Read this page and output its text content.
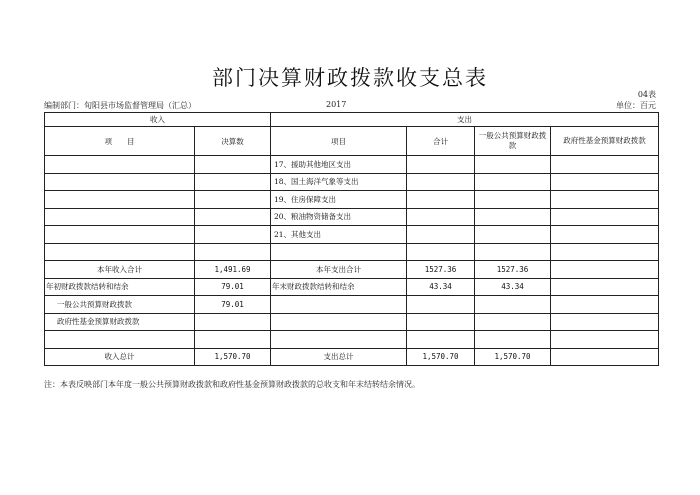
部门决算财政拨款收支总表
04表
编制部门：旬阳县市场监督管理局（汇总）	2017	单位：百元
收入		支出			
项　　目	决算数	项目	合计	一般公共预算财政拨款	政府性基金预算财政拨款
		17、援助其他地区支出			
		18、国土海洋气象等支出			
		19、住房保障支出			
		20、粮油物资储备支出			
		21、其他支出			

本年收入合计	1,491.69	本年支出合计	1527.36	1527.36	
年初财政拨款结转和结余	79.01	年末财政拨款结转和结余	43.34	43.34	
一般公共预算财政拨款	79.01				
政府性基金预算财政拨款					

收入总计	1,570.70	支出总计	1,570.70	1,570.70	
注：本表反映部门本年度一般公共预算财政拨款和政府性基金预算财政拨款的总收支和年末结转结余情况。
